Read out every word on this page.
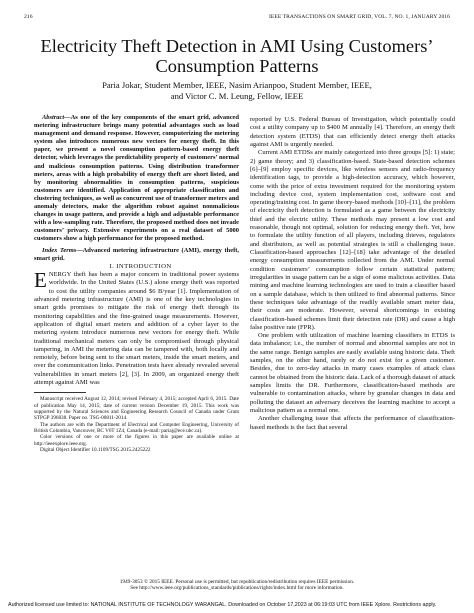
216	IEEE TRANSACTIONS ON SMART GRID, VOL. 7, NO. 1, JANUARY 2016
Electricity Theft Detection in AMI Using Customers’ Consumption Patterns
Paria Jokar, Student Member, IEEE, Nasim Arianpoo, Student Member, IEEE,
and Victor C. M. Leung, Fellow, IEEE

Abstract—As one of the key components of the smart grid, advanced metering infrastructure brings many potential advantages such as load management and demand response. However, computerizing the metering system also introduces numerous new vectors for energy theft. In this paper, we present a novel consumption pattern-based energy theft detector, which leverages the predictability property of customers’ normal and malicious consumption patterns. Using distribution transformer meters, areas with a high probability of energy theft are short listed, and by monitoring abnormalities in consumption patterns, suspicious customers are identified. Application of appropriate classification and clustering techniques, as well as concurrent use of transformer meters and anomaly detectors, make the algorithm robust against nonmalicious changes in usage pattern, and provide a high and adjustable performance with a low-sampling rate. Therefore, the proposed method does not invade customers’ privacy. Extensive experiments on a real dataset of 5000 customers show a high performance for the proposed method.

Index Terms—Advanced metering infrastructure (AMI), energy theft, smart grid.

I. INTRODUCTION

ENERGY theft has been a major concern in traditional power systems worldwide. In the United States (U.S.) alone energy theft was reported to cost the utility companies around $6 B/year [1]. Implementation of advanced metering infrastructure (AMI) is one of the key technologies in smart grids promises to mitigate the risk of energy theft through its monitoring capabilities and the fine-grained usage measurements. However, application of digital smart meters and addition of a cyber layer to the metering system introduce numerous new vectors for energy theft. While traditional mechanical meters can only be compromised through physical tampering, in AMI the metering data can be tampered with, both locally and remotely, before being sent to the smart meters, inside the smart meters, and over the communication links. Penetration tests have already revealed several vulnerabilities in smart meters [2], [3]. In 2009, an organized energy theft attempt against AMI was

Manuscript received August 12, 2014; revised February 4, 2015; accepted April 6, 2015. Date of publication May 14, 2015; date of current version December 19, 2015. This work was supported by the Natural Sciences and Engineering Research Council of Canada under Grant STPGP 396838. Paper no. TSG-00811-2014.

The authors are with the Department of Electrical and Computer Engineering, University of British Columbia, Vancouver, BC V6T 1Z4, Canada (e-mail: pariaj@ece.ubc.ca).

Color versions of one or more of the figures in this paper are available online at http://ieeexplore.ieee.org.

Digital Object Identifier 10.1109/TSG.2015.2425222

reported by U.S. Federal Bureau of Investigation, which potentially could cost a utility company up to $400 M annually [4]. Therefore, an energy theft detection system (ETDS) that can efficiently detect energy theft attacks against AMI is urgently needed.

Current AMI ETDSs are mainly categorized into three groups [5]: 1) state; 2) game theory; and 3) classification-based. State-based detection schemes [6]–[9] employ specific devices, like wireless sensors and radio-frequency identification tags, to provide a high-detection accuracy, which however, come with the price of extra investment required for the monitoring system including device cost, system implementation cost, software cost and operating/training cost. In game theory-based methods [10]–[11], the problem of electricity theft detection is formulated as a game between the electricity thief and the electric utility. These methods may present a low cost and reasonable, though not optimal, solution for reducing energy theft. Yet, how to formulate the utility function of all players, including thieves, regulators and distributors, as well as potential strategies is still a challenging issue. Classification-based approaches [12]–[18] take advantage of the detailed energy consumption measurements collected from the AMI. Under normal condition customers’ consumption follow certain statistical pattern; irregularities in usage pattern can be a sign of some malicious activities. Data mining and machine learning technologies are used to train a classifier based on a sample database, which is then utilized to find abnormal patterns. Since these techniques take advantage of the readily available smart meter data, their costs are moderate. However, several shortcomings in existing classification-based schemes limit their detection rate (DR) and cause a high false positive rate (FPR).

One problem with utilization of machine learning classifiers in ETDS is data imbalance; i.e., the number of normal and abnormal samples are not in the same range. Benign samples are easily available using historic data. Theft samples, on the other hand, rarely or do not exist for a given customer. Besides, due to zero-day attacks in many cases examples of attack class cannot be obtained from the historic data. Lack of a thorough dataset of attack samples limits the DR. Furthermore, classification-based methods are vulnerable to contamination attacks, where by granular changes in data and polluting the dataset an adversary deceives the learning machine to accept a malicious pattern as a normal one.

Another challenging issue that affects the performance of classification-based methods is the fact that several

1949-3053 © 2015 IEEE. Personal use is permitted, but republication/redistribution requires IEEE permission.
See http://www.ieee.org/publications_standards/publications/rights/index.html for more information.
Authorized licensed use limited to: NATIONAL INSTITUTE OF TECHNOLOGY WARANGAL. Downloaded on October 17,2023 at 06:19:03 UTC from IEEE Xplore. Restrictions apply.
